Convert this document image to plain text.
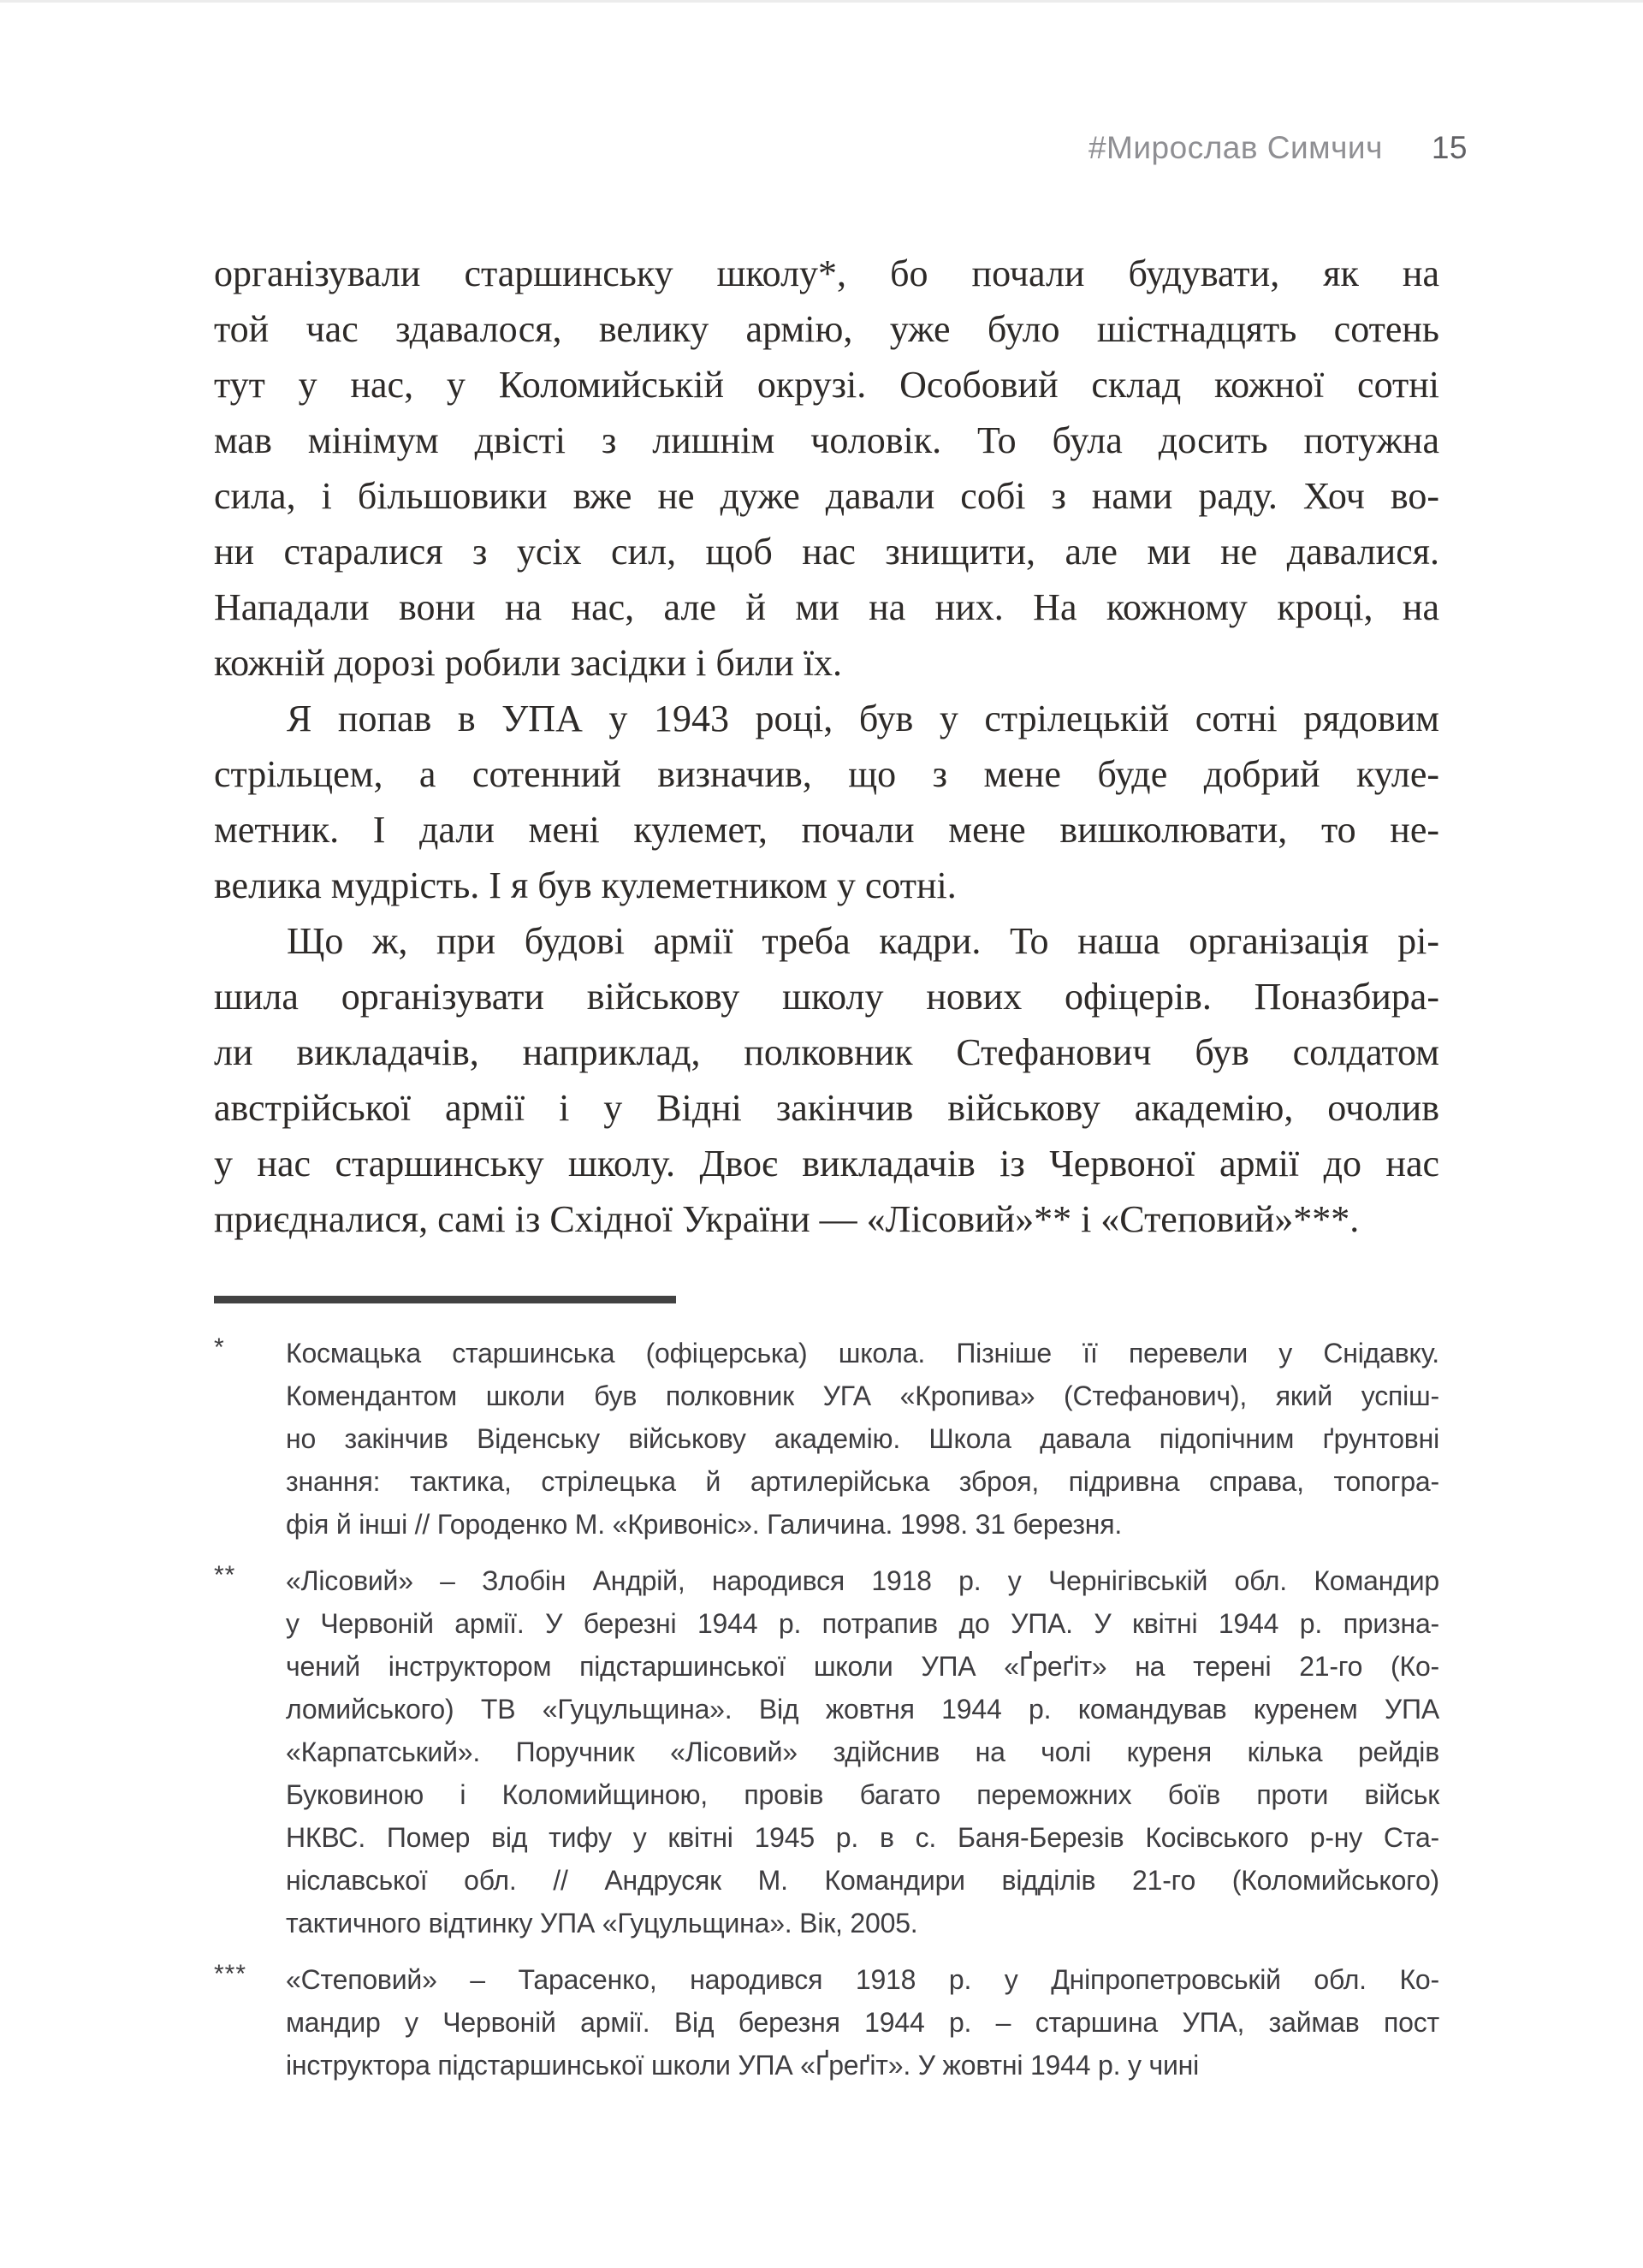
#Мирослав Симчич 15
організували старшинську школу*, бо почали будувати, як на
той час здавалося, велику армію, уже було шістнадцять сотень
тут у нас, у Коломийській окрузі. Особовий склад кожної сотні
мав мінімум двісті з лишнім чоловік. То була досить потужна
сила, і більшовики вже не дуже давали собі з нами раду. Хоч во-
ни старалися з усіх сил, щоб нас знищити, але ми не давалися.
Нападали вони на нас, але й ми на них. На кожному кроці, на
кожній дорозі робили засідки і били їх.
Я попав в УПА у 1943 році, був у стрілецькій сотні рядовим
стрільцем, а сотенний визначив, що з мене буде добрий куле-
метник. І дали мені кулемет, почали мене вишколювати, то не-
велика мудрість. І я був кулеметником у сотні.
Що ж, при будові армії треба кадри. То наша організація рі-
шила організувати військову школу нових офіцерів. Поназбира-
ли викладачів, наприклад, полковник Стефанович був солдатом
австрійської армії і у Відні закінчив військову академію, очолив
у нас старшинську школу. Двоє викладачів із Червоної армії до нас
приєдналися, самі із Східної України — «Лісовий»** і «Степовий»***.
* Космацька старшинська (офіцерська) школа. Пізніше її перевели у Снідавку.
Комендантом школи був полковник УГА «Кропива» (Стефанович), який успіш-
но закінчив Віденську військову академію. Школа давала підопічним ґрунтовні
знання: тактика, стрілецька й артилерійська зброя, підривна справа, топогра-
фія й інші // Городенко М. «Кривоніс». Галичина. 1998. 31 березня.
** «Лісовий» – Злобін Андрій, народився 1918 р. у Чернігівській обл. Командир
у Червоній армії. У березні 1944 р. потрапив до УПА. У квітні 1944 р. призна-
чений інструктором підстаршинської школи УПА «Ґреґіт» на терені 21-го (Ко-
ломийського) ТВ «Гуцульщина». Від жовтня 1944 р. командував куренем УПА
«Карпатський». Поручник «Лісовий» здійснив на чолі куреня кілька рейдів
Буковиною і Коломийщиною, провів багато переможних боїв проти військ
НКВС. Помер від тифу у квітні 1945 р. в с. Баня-Березів Косівського р-ну Ста-
ніславської обл. // Андрусяк М. Командири відділів 21-го (Коломийського)
тактичного відтинку УПА «Гуцульщина». Вік, 2005.
*** «Степовий» – Тарасенко, народився 1918 р. у Дніпропетровській обл. Ко-
мандир у Червоній армії. Від березня 1944 р. – старшина УПА, займав пост
інструктора підстаршинської школи УПА «Ґреґіт». У жовтні 1944 р. у чині
